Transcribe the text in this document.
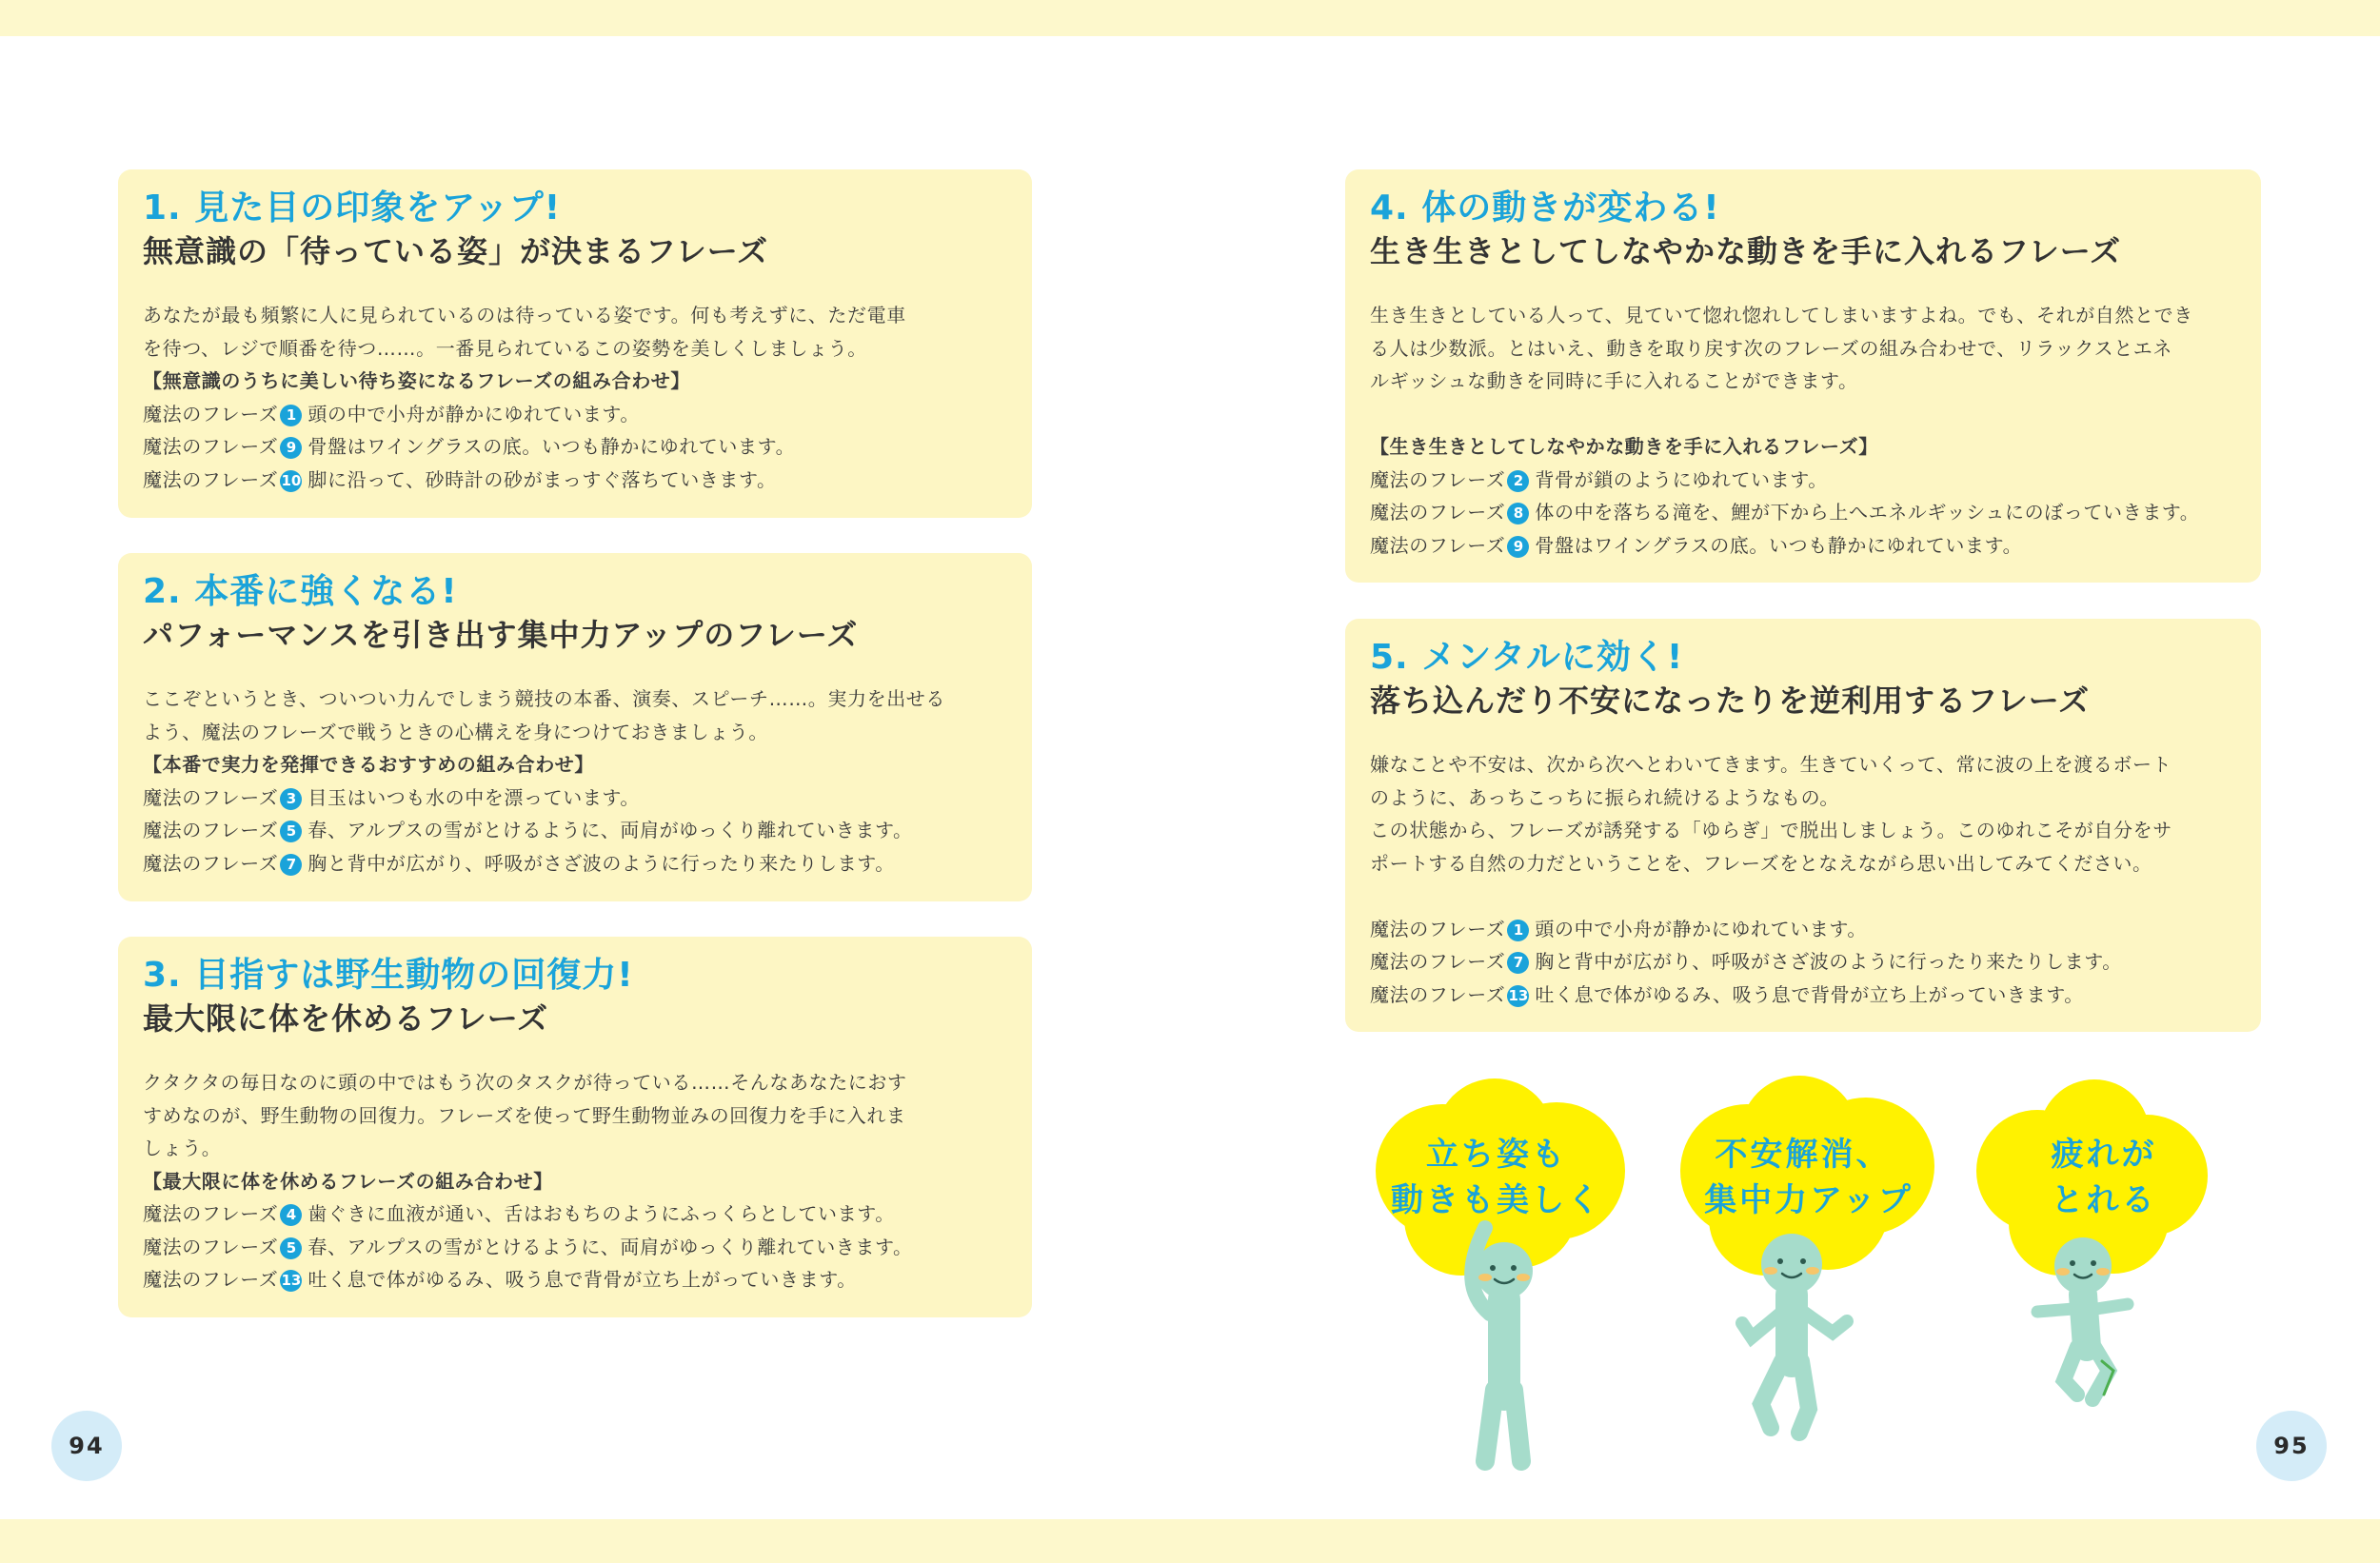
1. 見た目の印象をアップ!
無意識の「待っている姿」が決まるフレーズ
あなたが最も頻繁に人に見られているのは待っている姿です。何も考えずに、ただ電車
を待つ、レジで順番を待つ……。一番見られているこの姿勢を美しくしましょう。
【無意識のうちに美しい待ち姿になるフレーズの組み合わせ】
魔法のフレーズ 1 頭の中で小舟が静かにゆれています。
魔法のフレーズ 9 骨盤はワイングラスの底。いつも静かにゆれています。
魔法のフレーズ 10 脚に沿って、砂時計の砂がまっすぐ落ちていきます。
2. 本番に強くなる!
パフォーマンスを引き出す集中力アップのフレーズ
ここぞというとき、ついつい力んでしまう競技の本番、演奏、スピーチ……。実力を出せる
よう、魔法のフレーズで戦うときの心構えを身につけておきましょう。
【本番で実力を発揮できるおすすめの組み合わせ】
魔法のフレーズ 3 目玉はいつも水の中を漂っています。
魔法のフレーズ 5 春、アルプスの雪がとけるように、両肩がゆっくり離れていきます。
魔法のフレーズ 7 胸と背中が広がり、呼吸がさざ波のように行ったり来たりします。
3. 目指すは野生動物の回復力!
最大限に体を休めるフレーズ
クタクタの毎日なのに頭の中ではもう次のタスクが待っている……そんなあなたにおす
すめなのが、野生動物の回復力。フレーズを使って野生動物並みの回復力を手に入れま
しょう。
【最大限に体を休めるフレーズの組み合わせ】
魔法のフレーズ 4 歯ぐきに血液が通い、舌はおもちのようにふっくらとしています。
魔法のフレーズ 5 春、アルプスの雪がとけるように、両肩がゆっくり離れていきます。
魔法のフレーズ 13 吐く息で体がゆるみ、吸う息で背骨が立ち上がっていきます。
94
4. 体の動きが変わる!
生き生きとしてしなやかな動きを手に入れるフレーズ
生き生きとしている人って、見ていて惚れ惚れしてしまいますよね。でも、それが自然とでき
る人は少数派。とはいえ、動きを取り戻す次のフレーズの組み合わせで、リラックスとエネ
ルギッシュな動きを同時に手に入れることができます。
【生き生きとしてしなやかな動きを手に入れるフレーズ】
魔法のフレーズ 2 背骨が鎖のようにゆれています。
魔法のフレーズ 8 体の中を落ちる滝を、鯉が下から上へエネルギッシュにのぼっていきます。
魔法のフレーズ 9 骨盤はワイングラスの底。いつも静かにゆれています。
5. メンタルに効く!
落ち込んだり不安になったりを逆利用するフレーズ
嫌なことや不安は、次から次へとわいてきます。生きていくって、常に波の上を渡るボート
のように、あっちこっちに振られ続けるようなもの。
この状態から、フレーズが誘発する「ゆらぎ」で脱出しましょう。このゆれこそが自分をサ
ポートする自然の力だということを、フレーズをとなえながら思い出してみてください。
魔法のフレーズ 1 頭の中で小舟が静かにゆれています。
魔法のフレーズ 7 胸と背中が広がり、呼吸がさざ波のように行ったり来たりします。
魔法のフレーズ 13 吐く息で体がゆるみ、吸う息で背骨が立ち上がっていきます。
立ち姿も
動きも美しく
不安解消、
集中力アップ
疲れが
とれる
95
